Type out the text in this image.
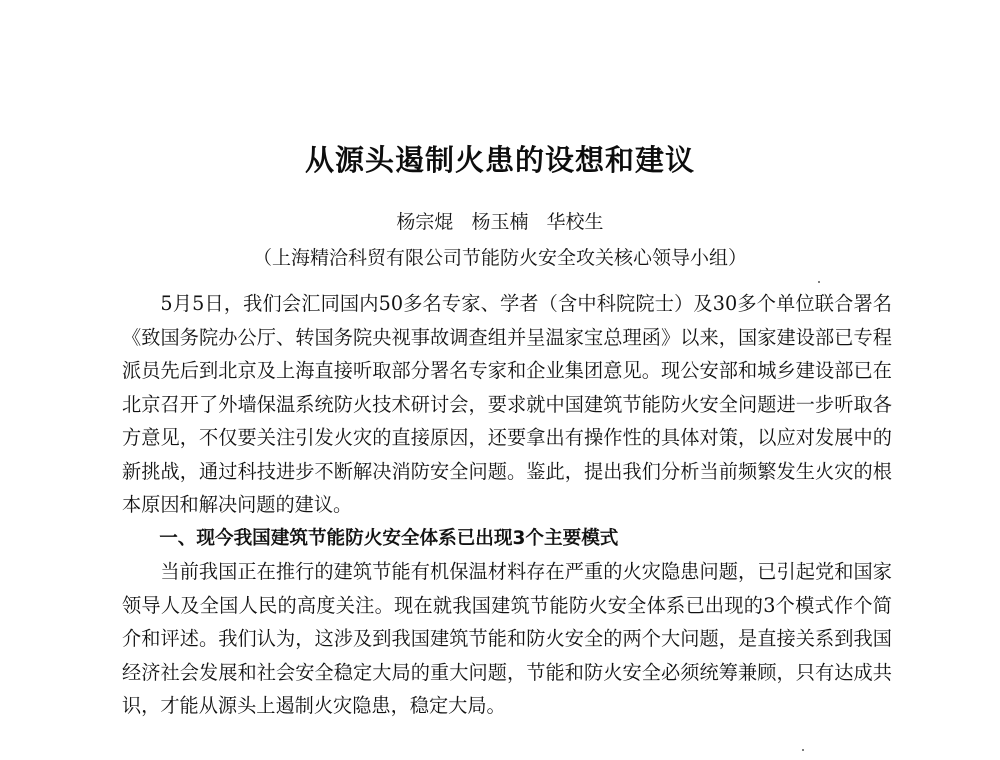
从源头遏制火患的设想和建议
杨宗焜 杨玉楠 华校生
（上海精洽科贸有限公司节能防火安全攻关核心领导小组）

5月5日，我们会汇同国内50多名专家、学者（含中科院院士）及30多个单位联合署名《致国务院办公厅、转国务院央视事故调查组并呈温家宝总理函》以来，国家建设部已专程派员先后到北京及上海直接听取部分署名专家和企业集团意见。现公安部和城乡建设部已在北京召开了外墙保温系统防火技术研讨会，要求就中国建筑节能防火安全问题进一步听取各方意见，不仅要关注引发火灾的直接原因，还要拿出有操作性的具体对策，以应对发展中的新挑战，通过科技进步不断解决消防安全问题。鉴此，提出我们分析当前频繁发生火灾的根本原因和解决问题的建议。

一、现今我国建筑节能防火安全体系已出现3个主要模式

当前我国正在推行的建筑节能有机保温材料存在严重的火灾隐患问题，已引起党和国家领导人及全国人民的高度关注。现在就我国建筑节能防火安全体系已出现的3个模式作个简介和评述。我们认为，这涉及到我国建筑节能和防火安全的两个大问题，是直接关系到我国经济社会发展和社会安全稳定大局的重大问题，节能和防火安全必须统筹兼顾，只有达成共识，才能从源头上遏制火灾隐患，稳定大局。
